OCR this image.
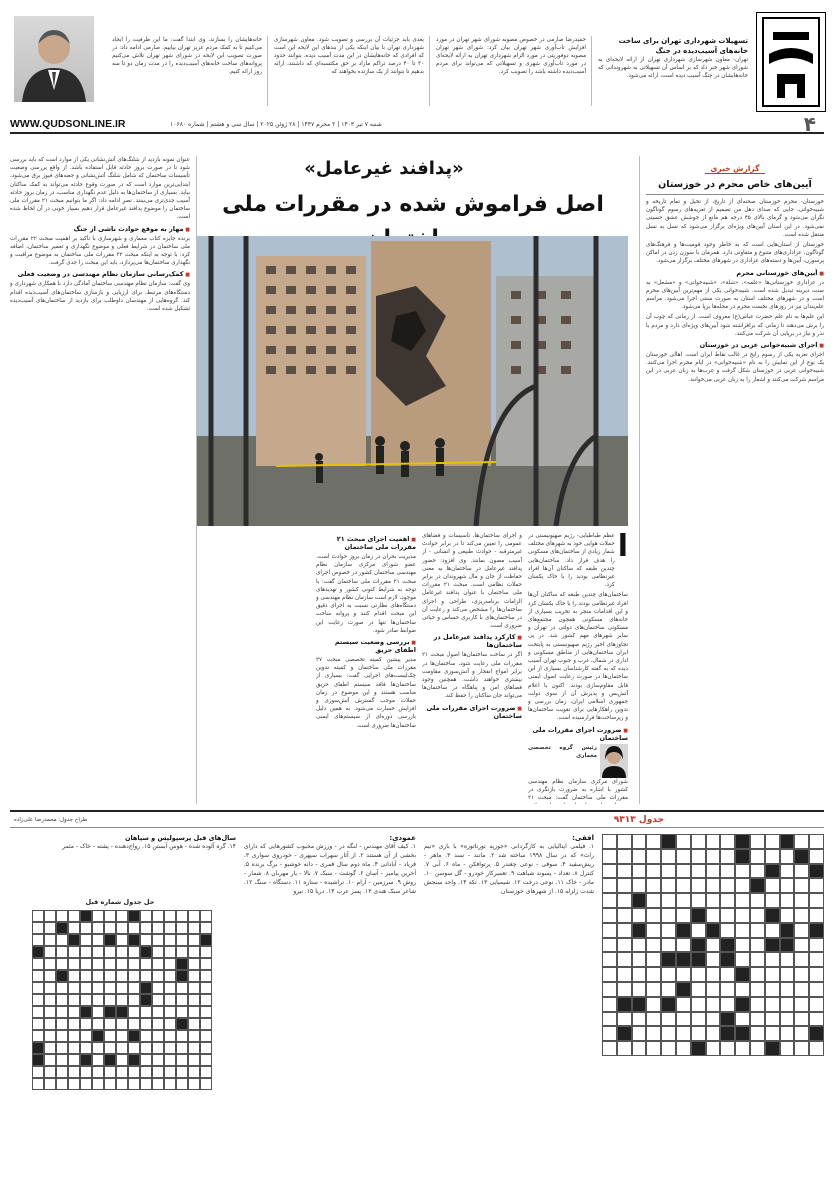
تسهیلات شهرداری تهران برای ساخت خانه‌های آسیب‌دیده در جنگ
تهران- معاون شهرسازی شهرداری تهران از ارائه لایحه‌ای به شورای شهر خبر داد که بر اساس آن تسهیلاتی به شهروندانی که خانه‌هایشان در جنگ آسیب دیده است، ارائه می‌شود.
حمیدرضا صارمی در خصوص مصوبه شورای شهر تهران در مورد افزایش تاب‌آوری شهر تهران بیان کرد: شورای شهر تهران مصوبه دوفوریتی در مورد الزام شهرداری تهران به ارائه لایحه‌ای در مورد تاب‌آوری شهری و تسهیلاتی که می‌تواند برای مردم آسیب‌دیده داشته باشد را تصویب کرد.
بعدی باید جزئیات آن بررسی و تصویب شود. معاون شهرسازی شهرداری تهران با بیان اینکه یکی از بندهای این لایحه این است که افرادی که خانه‌هایشان در این مدت آسیب دیده، بتوانند حدود ۳۰ تا ۴۰ درصد تراکم مازاد بر حق مکتسبه‌ای که داشتند، ارائه بدهیم تا بتوانند از یک سازنده بخواهند که
خانه‌هایشان را بسازند. وی ابتدا گفت: ما این ظرفیت را ایجاد می‌کنیم تا به کمک مردم عزیز تهران بیاییم. صارمی ادامه داد: در صورت تصویب این لایحه در شورای شهر تهران تلاش می‌کنیم پروانه‌های ساخت خانه‌های آسیب‌دیده را در مدت زمان دو تا سه روز ارائه کنیم.
۴
شنبه ۷ تیر ۱۴۰۳ | ۲ محرم ۱۴۴۷ | ۲۸ ژوئن ۲۰۲۵ | سال سی و هشتم | شماره ۱۰۶۸۰
WWW.QUDSONLINE.IR
گزارش خبری
آیین‌های خاص محرم در خوزستان
خوزستان- محرم خوزستان صحنه‌ای از تاریخ، از تخیل و تمام تاریخه و شبیه‌خوانی، جایی که صدای دهل من تصمیم از تعزیه‌های رسوم گوناگون نگران می‌شود و گرمای بالای ۴۵ درجه هم مانع از جوشش عشق حسینی نمی‌شود. در این استان آیین‌های ویژه‌ای برگزار می‌شود که نسل به نسل منتقل شده است.
خوزستان از استان‌هایی است که به خاطر وجود قومیت‌ها و فرهنگ‌های گوناگون، عزاداری‌های متنوع و متفاوتی دارد. همزمان با سوزن زدن در اماکن پرسوزن، آیین‌ها و دسته‌های عزاداری در شهرهای مختلف برگزار می‌شود.
■ آیین‌های خوزستانی محرم
در عزاداری خوزستانی‌ها «علمه»، «شلة»، «شبیه‌خوانی» و «مشعل» به سنت دیرینه تبدیل شده است. شبیه‌خوانی یکی از مهم‌ترین آیین‌های محرم است و در شهرهای مختلف استان به صورت سنتی اجرا می‌شود. مراسم علم‌بندان نیز در روزهای نخست محرم در محله‌ها برپا می‌شود.
این علم‌ها به نام علم حضرت عباس(ع) معروف است. از زمانی که چوب آن را برش می‌دهند تا زمانی که برافراشته شود آیین‌های ویژه‌ای دارد و مردم با نذر و نیاز در برپایی آن شرکت می‌کنند.
■ اجرای شبیه‌خوانی عربی در خوزستان
اجرای تعزیه یکی از رسوم رایج در غالب نقاط ایران است. اهالی خوزستان یک نوع از این نمایش را به نام «شبیه‌خوانی» در ایام محرم اجرا می‌کنند. شبیه‌خوانی عربی در خوزستان شکل گرفت و عرب‌ها به زبان عربی در این مراسم شرکت می‌کنند و اشعار را به زبان عربی می‌خوانند.
«پدافند غیرعامل»
اصل فراموش شده در مقررات ملی
ا
عظم طباطبایی- رژیم صهیونیستی در حملات هوایی خود به شهرهای مختلف شمار زیادی از ساختمان‌های مسکونی را هدف قرار داد. ساختمان‌هایی چندین طبقه که ساکنان آن‌ها افراد غیرنظامی بودند را با خاک یکسان کرد.
ساختمان‌های چندین طبقه که ساکنان آن‌ها افراد غیرنظامی بودند را با خاک یکسان کرد و این اقدامات منجر به تخریب بسیاری از خانه‌های مسکونی همچون مجتمع‌های مسکونی ساختمان‌های دولتی در تهران و سایر شهرهای مهم کشور شد. در پی تجاوزهای اخیر رژیم صهیونیستی به پایتخت ایران ساختمان‌هایی از مناطق مسکونی و اداری در شمال، غرب و جنوب تهران آسیب دیده که به گفته کارشناسان بسیاری از این ساختمان‌ها در صورت رعایت اصول ایمنی قابل مقاوم‌سازی بودند. اکنون با اعلام آتش‌بس و پذیرش آن از سوی دولت جمهوری اسلامی ایران، زمان بررسی و تدوین راهکارهایی برای تقویت ساختمان‌ها و زیرساخت‌ها فرارسیده است.
■ ضرورت اجرای مقررات ملی ساختمان
رئیس گروه تخصصی معماری
شورای مرکزی سازمان نظام مهندسی کشور با اشاره به ضرورت بازنگری در مقررات ملی ساختمان گفت: مبحث ۲۱
و اجرای ساختمان‌ها، تأسیسات و فضاهای عمومی را تعیین می‌کند تا در برابر حوادث غیرمترقبه - حوادث طبیعی و انسانی - از آسیب مصون بمانند. وی افزود: حضور پدافند غیرعامل در ساختمان‌ها به معنی حفاظت از جان و مال شهروندان در برابر حملات نظامی است. مبحث ۲۱ مقررات ملی ساختمان با عنوان پدافند غیرعامل الزامات برنامه‌ریزی، طراحی و اجرای ساختمان‌ها را مشخص می‌کند و رعایت آن در ساختمان‌های با کاربری حساس و حیاتی ضروری است.
■ کارکرد پدافند غیرعامل در ساختمان‌ها
اگر در ساخت ساختمان‌ها اصول مبحث ۲۱ مقررات ملی رعایت شود، ساختمان‌ها در برابر امواج انفجار و آتش‌سوزی مقاومت بیشتری خواهند داشت. همچنین وجود فضاهای امن و پناهگاه در ساختمان‌ها می‌تواند جان ساکنان را حفظ کند.
■ ضرورت اجرای مقررات ملی ساختمان
■ اهمیت اجرای مبحث ۲۱ مقررات ملی ساختمان
مدیریت بحران در زمان بروز حوادث است. عضو شورای مرکزی سازمان نظام مهندسی ساختمان کشور در خصوص اجرای مبحث ۲۱ مقررات ملی ساختمان گفت: با توجه به شرایط کنونی کشور و تهدیدهای موجود، لازم است سازمان نظام مهندسی و دستگاه‌های نظارتی نسبت به اجرای دقیق این مبحث اقدام کنند و پروانه ساخت ساختمان‌ها تنها در صورت رعایت این ضوابط صادر شود.
■ بررسی وضعیت سیستم اطفای حریق
مدیر پیشین کمیته تخصصی مبحث ۲۷ مقررات ملی ساختمان و کمیته تدوین چک‌لیست‌های اجرایی گفت: بسیاری از ساختمان‌ها فاقد سیستم اطفای حریق مناسب هستند و این موضوع در زمان حملات موجب گسترش آتش‌سوزی و افزایش خسارت می‌شود. به همین دلیل بازرسی دوره‌ای از سیستم‌های ایمنی ساختمان‌ها ضروری است.
عنوان نمونه بازدید از شلنگ‌های آتش‌نشانی یکی از موارد است که باید بررسی شود تا در صورت بروز حادثه قابل استفاده باشد. از واقع بررسی وضعیت تأسیسات ساختمان که شامل شلنگ آتش‌نشانی و جعبه‌های فیوز برق می‌شود، ابتدایی‌ترین موارد است که در صورت وقوع حادثه می‌تواند به کمک ساکنان بیاید. بسیاری از ساختمان‌ها به دلیل عدم نگهداری مناسب، در زمان بروز حادثه آسیب جدی‌تری می‌بینند. نصرِ ادامه داد: اگر ما بتوانیم مبحث ۲۱ مقررات ملی ساختمان را موضوع پدافند غیرعامل قرار دهیم بسیار خوبی در آن لحاظ شده است.
■ مهار به موقع حوادث ناشی از جنگ
برنده جایزه کتاب معماری و شهرسازی با تأکید بر اهمیت مبحث ۲۲ مقررات ملی ساختمان در شرایط فعلی و موضوع نگهداری و تعمیر ساختمان، اضافه کرد: با توجه به اینکه مبحث ۲۲ مقررات ملی ساختمان به موضوع مراقبت و نگهداری ساختمان‌ها می‌پردازد، باید این مبحث را جدی گرفت.
■ کمک‌رسانی سازمان نظام مهندسی در وضعیت فعلی
وی گفت: سازمان نظام مهندسی ساختمان آمادگی دارد با همکاری شهرداری و دستگاه‌های مرتبط، برای ارزیابی و بازسازی ساختمان‌های آسیب‌دیده اقدام کند. گروه‌هایی از مهندسان داوطلب برای بازدید از ساختمان‌های آسیب‌دیده تشکیل شده است.
جدول ۹۳۱۳
طراح جدول: محمدرضا علی‌زاده
افقی:
۱. فیلمی ایتالیایی به کارگردانی «جوزپه تورناتوره» با بازی «تیم راث» که در سال ۱۹۹۸ ساخته شد ۲. مانند - سند ۳. ماهر - ریش‌سفید ۴. سوقی - نوعی چغندر ۵. پرتوافکن - ماه ۶. آبی ۷. کنترل ۸. تعداد - پسوند شباهت ۹. تعمیرکار خودرو - گل سوسن ۱۰. مادر - خاک ۱۱. نوعی درخت ۱۲. شیمیایی ۱۳. تکه ۱۴. واحد سنجش شدت زلزله ۱۵. از شهرهای خوزستان
عمودی:
۱. کیف آقای مهندس - لنگه در - ورزش محبوب کشورهایی که دارای بخشی از آن هستند ۲. از آثار سهراب سپهری - خودروی سواری ۳. فریاد - آبادانی ۴. ماه دوم سال قمری - دانه خوشبو - برگ برنده ۵. آخرین پیامبر - آسان ۶. گوشت - سبک ۷. بالا - یار مهربان ۸. شمار - روش ۹. سرزمین - آرام ۱۰. تراشیده - ستاره ۱۱. دستگاه - سنگ ۱۲. شاعر سبک هندی ۱۳. پسر عرب ۱۴. دریا ۱۵. نیرو
سال‌های قبل پرسپولیس و سپاهان
۱۴. گره آلوده شده - هوس آبستن ۱۵. رواج‌دهنده - پشته - خاک - مثمر
حل جدول شماره قبل
